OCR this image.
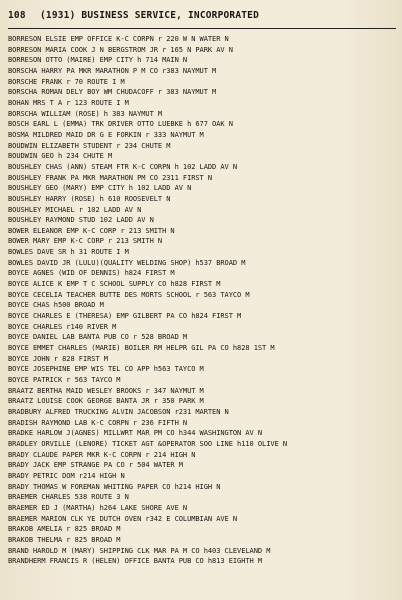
108	(1931) BUSINESS SERVICE, INCORPORATED
BORRESON ELSIE EMP OFFICE K-C CORPN r 220 W N WATER N
BORRESON MARIA COOK J N BERGSTROM JR r 165 N PARK AV N
BORRESON OTTO (MAIRE) EMP CITY h 714 MAIN N
BORSCHA HARRY PA MKR MARATHON P M CO r383 NAYMUT M
BORSCHE FRANK r 70 ROUTE I M
BORSCHA ROMAN DELY BOY WM CHUDACOFF r 383 NAYMUT M
BOHAN MRS T A r 123 ROUTE I M
BORSCHA WILLIAM (ROSE) h 383 NAYMUT M
BOSCH EARL L (EMMA) TRK DRIVER OTTO LUEBKE h 677 OAK N
BOSMA MILDRED MAID DR G E FORKIN r 333 NAYMUT M
BOUDWIN ELIZABETH STUDENT r 234 CHUTE M
BOUDWIN GEO h 234 CHUTE M
BOUSHLEY CHAS (ANN) STEAM FTR K-C CORPN h 102 LADD AV N
BOUSHLEY FRANK PA MKR MARATHON PM CO 2311 FIRST N
BOUSHLEY GEO (MARY) EMP CITY h 102 LADD AV N
BOUSHLEY HARRY (ROSE) h 610 ROOSEVELT N
BOUSHLEY MICHAEL r 102 LADD AV N
BOUSHLEY RAYMOND STUD 102 LADD AV N
BOWER ELEANOR EMP K-C CORP r 213 SMITH N
BOWER MARY EMP K-C CORP r 213 SMITH N
BOWLES DAVE SR h 31 ROUTE I M
BOWLES DAVID JR (LULU)(QUALITY WELDING SHOP) h537 BROAD M
BOYCE AGNES (WID OF DENNIS) h824 FIRST M
BOYCE ALICE K EMP T C SCHOOL SUPPLY CO h828 FIRST M
BOYCE CECELIA TEACHER BUTTE DES MORTS SCHOOL r 563 TAYCO M
BOYCE CHAS h500 BROAD M
BOYCE CHARLES E (THERESA) EMP GILBERT PA CO h824 FIRST M
BOYCE CHARLES r140 RIVER M
BOYCE DANIEL LAB BANTA PUB CO r 528 BROAD M
BOYCE EMMET CHARLES (MARIE) BOILER RM HELPR GIL PA CO h828 1ST M
BOYCE JOHN r 828 FIRST M
BOYCE JOSEPHINE EMP WIS TEL CO APP h563 TAYCO M
BOYCE PATRICK r 563 TAYCO M
BRAATZ BERTHA MAID WESLEY BROOKS r 347 NAYMUT M
BRAATZ LOUISE COOK GEORGE BANTA JR r 350 PARK M
BRADBURY ALFRED TRUCKING ALVIN JACOBSON r231 MARTEN N
BRADISH RAYMOND LAB K-C CORPN r 236 FIFTH N
BRADKE HARLOW J(AGNES) MILLWRT MAR PM CO h344 WASHINGTON AV N
BRADLEY ORVILLE (LENORE) TICKET AGT &OPERATOR SOO LINE h110 OLIVE N
BRADY CLAUDE PAPER MKR K-C CORPN r 214 HIGH N
BRADY JACK EMP STRANGE PA CO r 504 WATER M
BRADY PETRIC DOM r214 HIGH N
BRADY THOMAS W FOREMAN WHITING PAPER CO h214 HIGH N
BRAEMER CHARLES 538 ROUTE 3 N
BRAEMER ED J (MARTHA) h264 LAKE SHORE AVE N
BRAEMER MARION CLK YE DUTCH OVEN r342 E COLUMBIAN AVE N
BRAKOB AMELIA r 825 BROAD M
BRAKOB THELMA r 825 BROAD M
BRAND HAROLD M (MARY) SHIPPING CLK MAR PA M CO h403 CLEVELAND M
BRANDHERM FRANCIS R (HELEN) OFFICE BANTA PUB CO h813 EIGHTH M
